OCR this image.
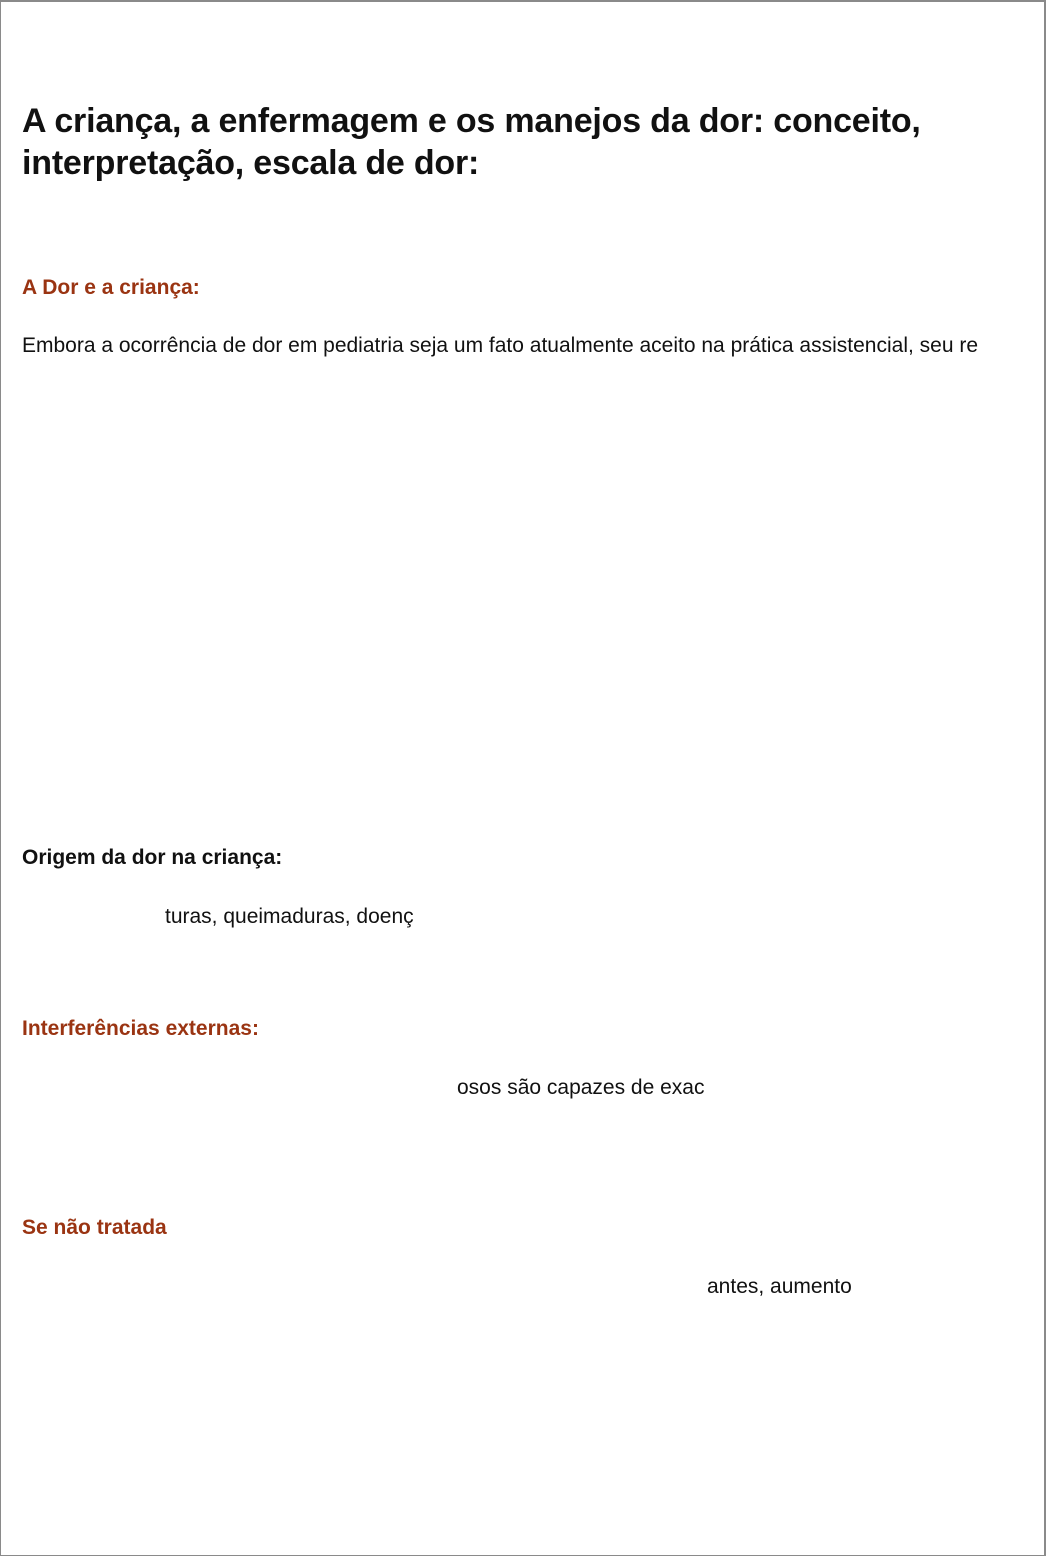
A criança, a enfermagem e os manejos da dor: conceito, interpretação, escala de dor:
A Dor e a criança:

Embora a ocorrência de dor em pediatria seja um fato atualmente aceito na prática assistencial, seu re

Origem da dor na criança:

turas, queimaduras, doenç

Interferências externas:

osos são capazes de exac

Se não tratada

antes, aumento
